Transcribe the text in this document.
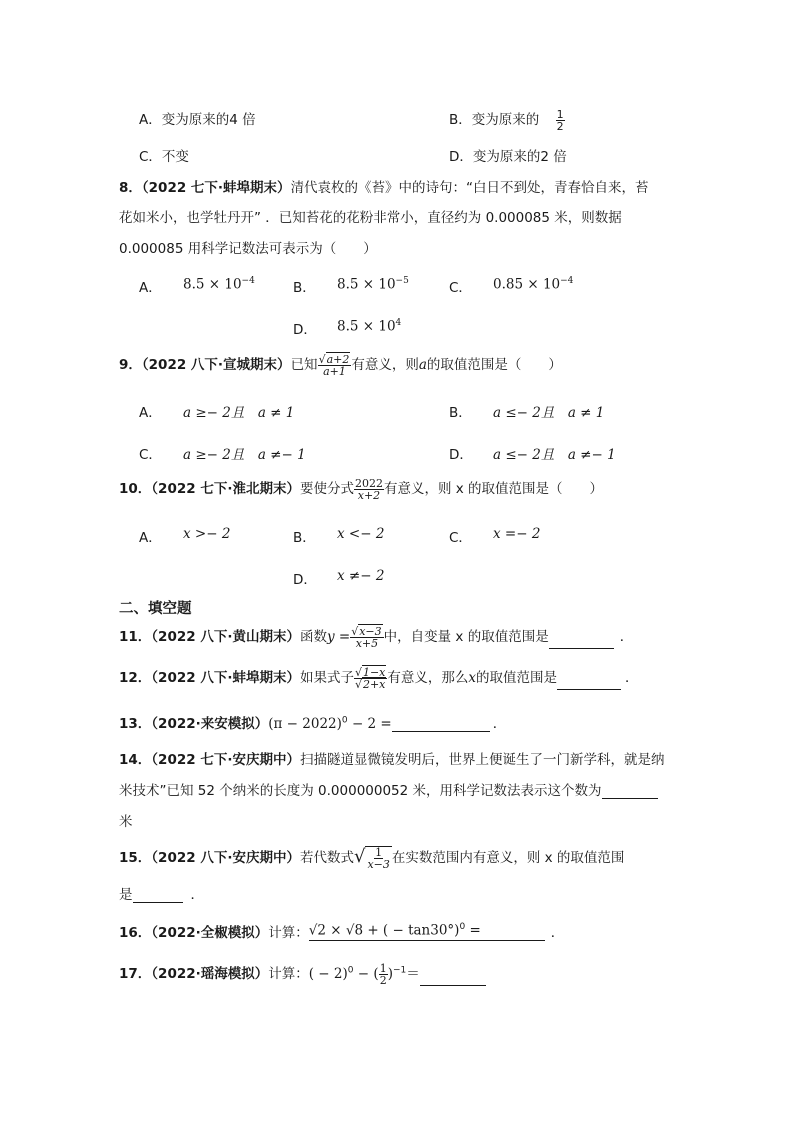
A．变为原来的4 倍	B．变为原来的 $\frac{1}{2}$
C．不变	D．变为原来的2 倍
8．（2022 七下·蚌埠期末）清代袁枚的《苔》中的诗句：“白日不到处，青春恰自来，苔
花如米小，也学牡丹开” ．已知苔花的花粉非常小，直径约为 0.000085 米，则数据
0.000085 用科学记数法可表示为（　　）
A． $8.5 \times 10^{-4}$	B． $8.5 \times 10^{-5}$	C． $0.85 \times 10^{-4}$
D． $8.5 \times 10^4$
9．（2022 八下·宣城期末）已知 $\frac{√a+2}{a+1}$ 有意义，则a的取值范围是（　　）
A． a ≥− 2且　a ≠ 1	B． a ≤− 2且　a ≠ 1
C． a ≥− 2且　a ≠− 1	D． a ≤− 2且　a ≠− 1
10．（2022 七下·淮北期末）要使分式 $\frac{2022}{x+2}$ 有意义，则 x 的取值范围是（　　）
A． x >− 2	B． x <− 2	C． x =− 2
D． x ≠− 2
二、填空题
11．（2022 八下·黄山期末）函数$y = \frac{√x-3}{x+5}$ 中，自变量 x 的取值范围是	．
12．（2022 八下·蚌埠期末）如果式子 $\frac{√1-x}{√2+x}$ 有意义，那么x的取值范围是	．
13．（2022·来安模拟）$(\pi - 2022)^0 - 2$ =	．
14．（2022 七下·安庆期中）扫描隧道显微镜发明后，世界上便诞生了一门新学科，就是纳
米技术”已知 52 个纳米的长度为 0.000000052 米，用科学记数法表示这个数为
米
15．（2022 八下·安庆期中）若代数式√ $\frac{1}{x-3}$ 在实数范围内有意义，则 x 的取值范围
是	．
16．（2022·全椒模拟）计算：√2 × √8 + ( − tan30°)$^0$ =	．
17．（2022·瑶海模拟）计算：( − 2)$^0$ − ( $\frac{1}{2} )^{-1}=$
